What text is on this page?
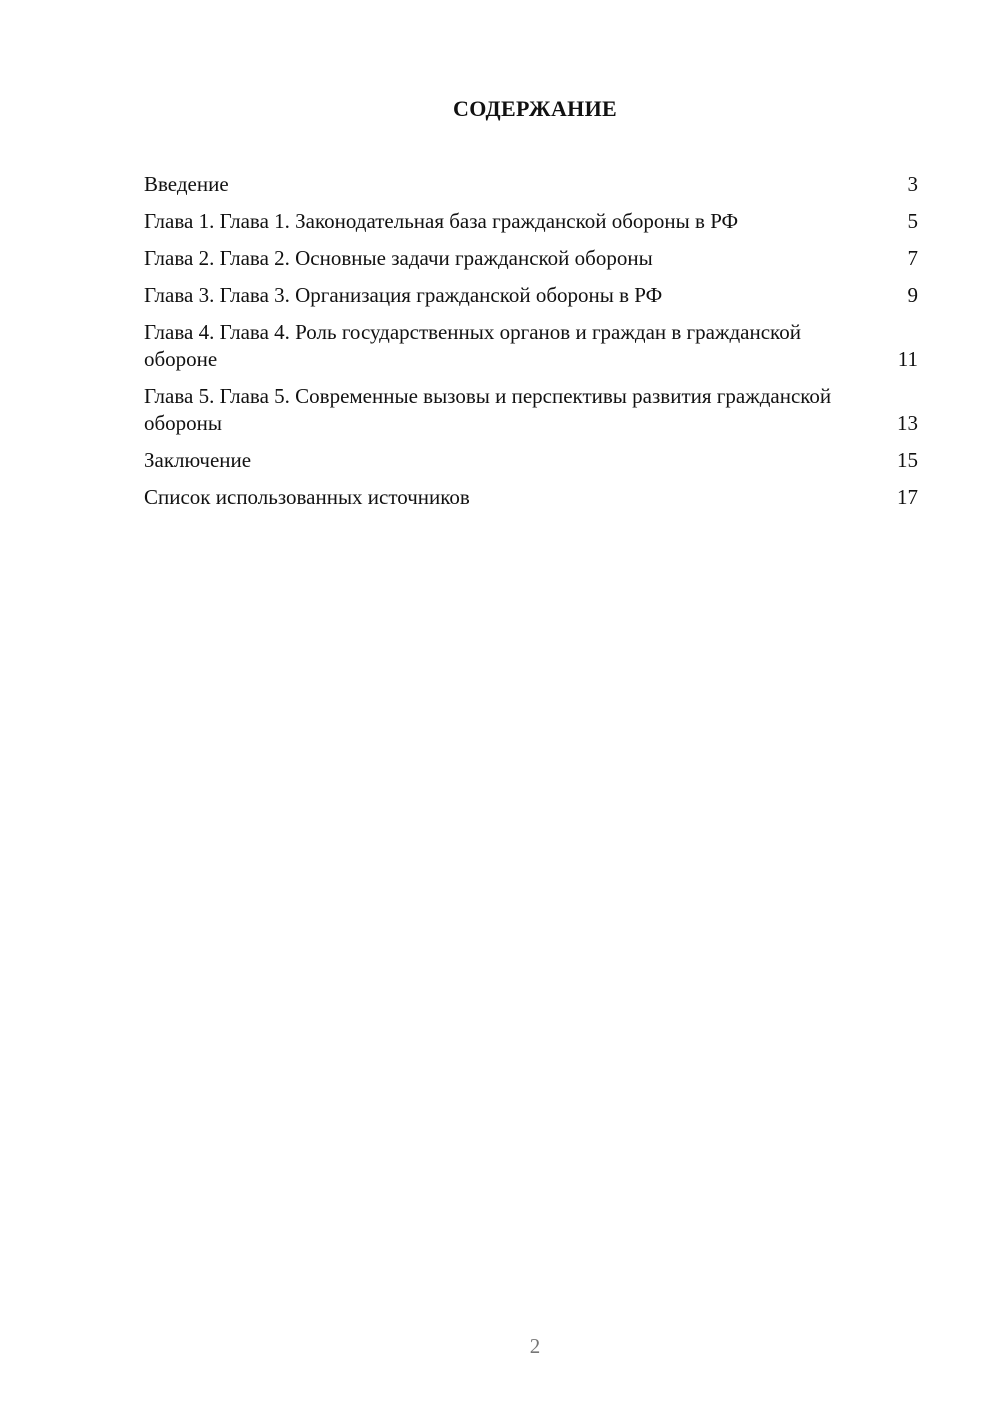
СОДЕРЖАНИЕ
Введение	3
Глава 1. Глава 1. Законодательная база гражданской обороны в РФ	5
Глава 2. Глава 2. Основные задачи гражданской обороны	7
Глава 3. Глава 3. Организация гражданской обороны в РФ	9
Глава 4. Глава 4. Роль государственных органов и граждан в гражданской обороне	11
Глава 5. Глава 5. Современные вызовы и перспективы развития гражданской обороны	13
Заключение	15
Список использованных источников	17
2
